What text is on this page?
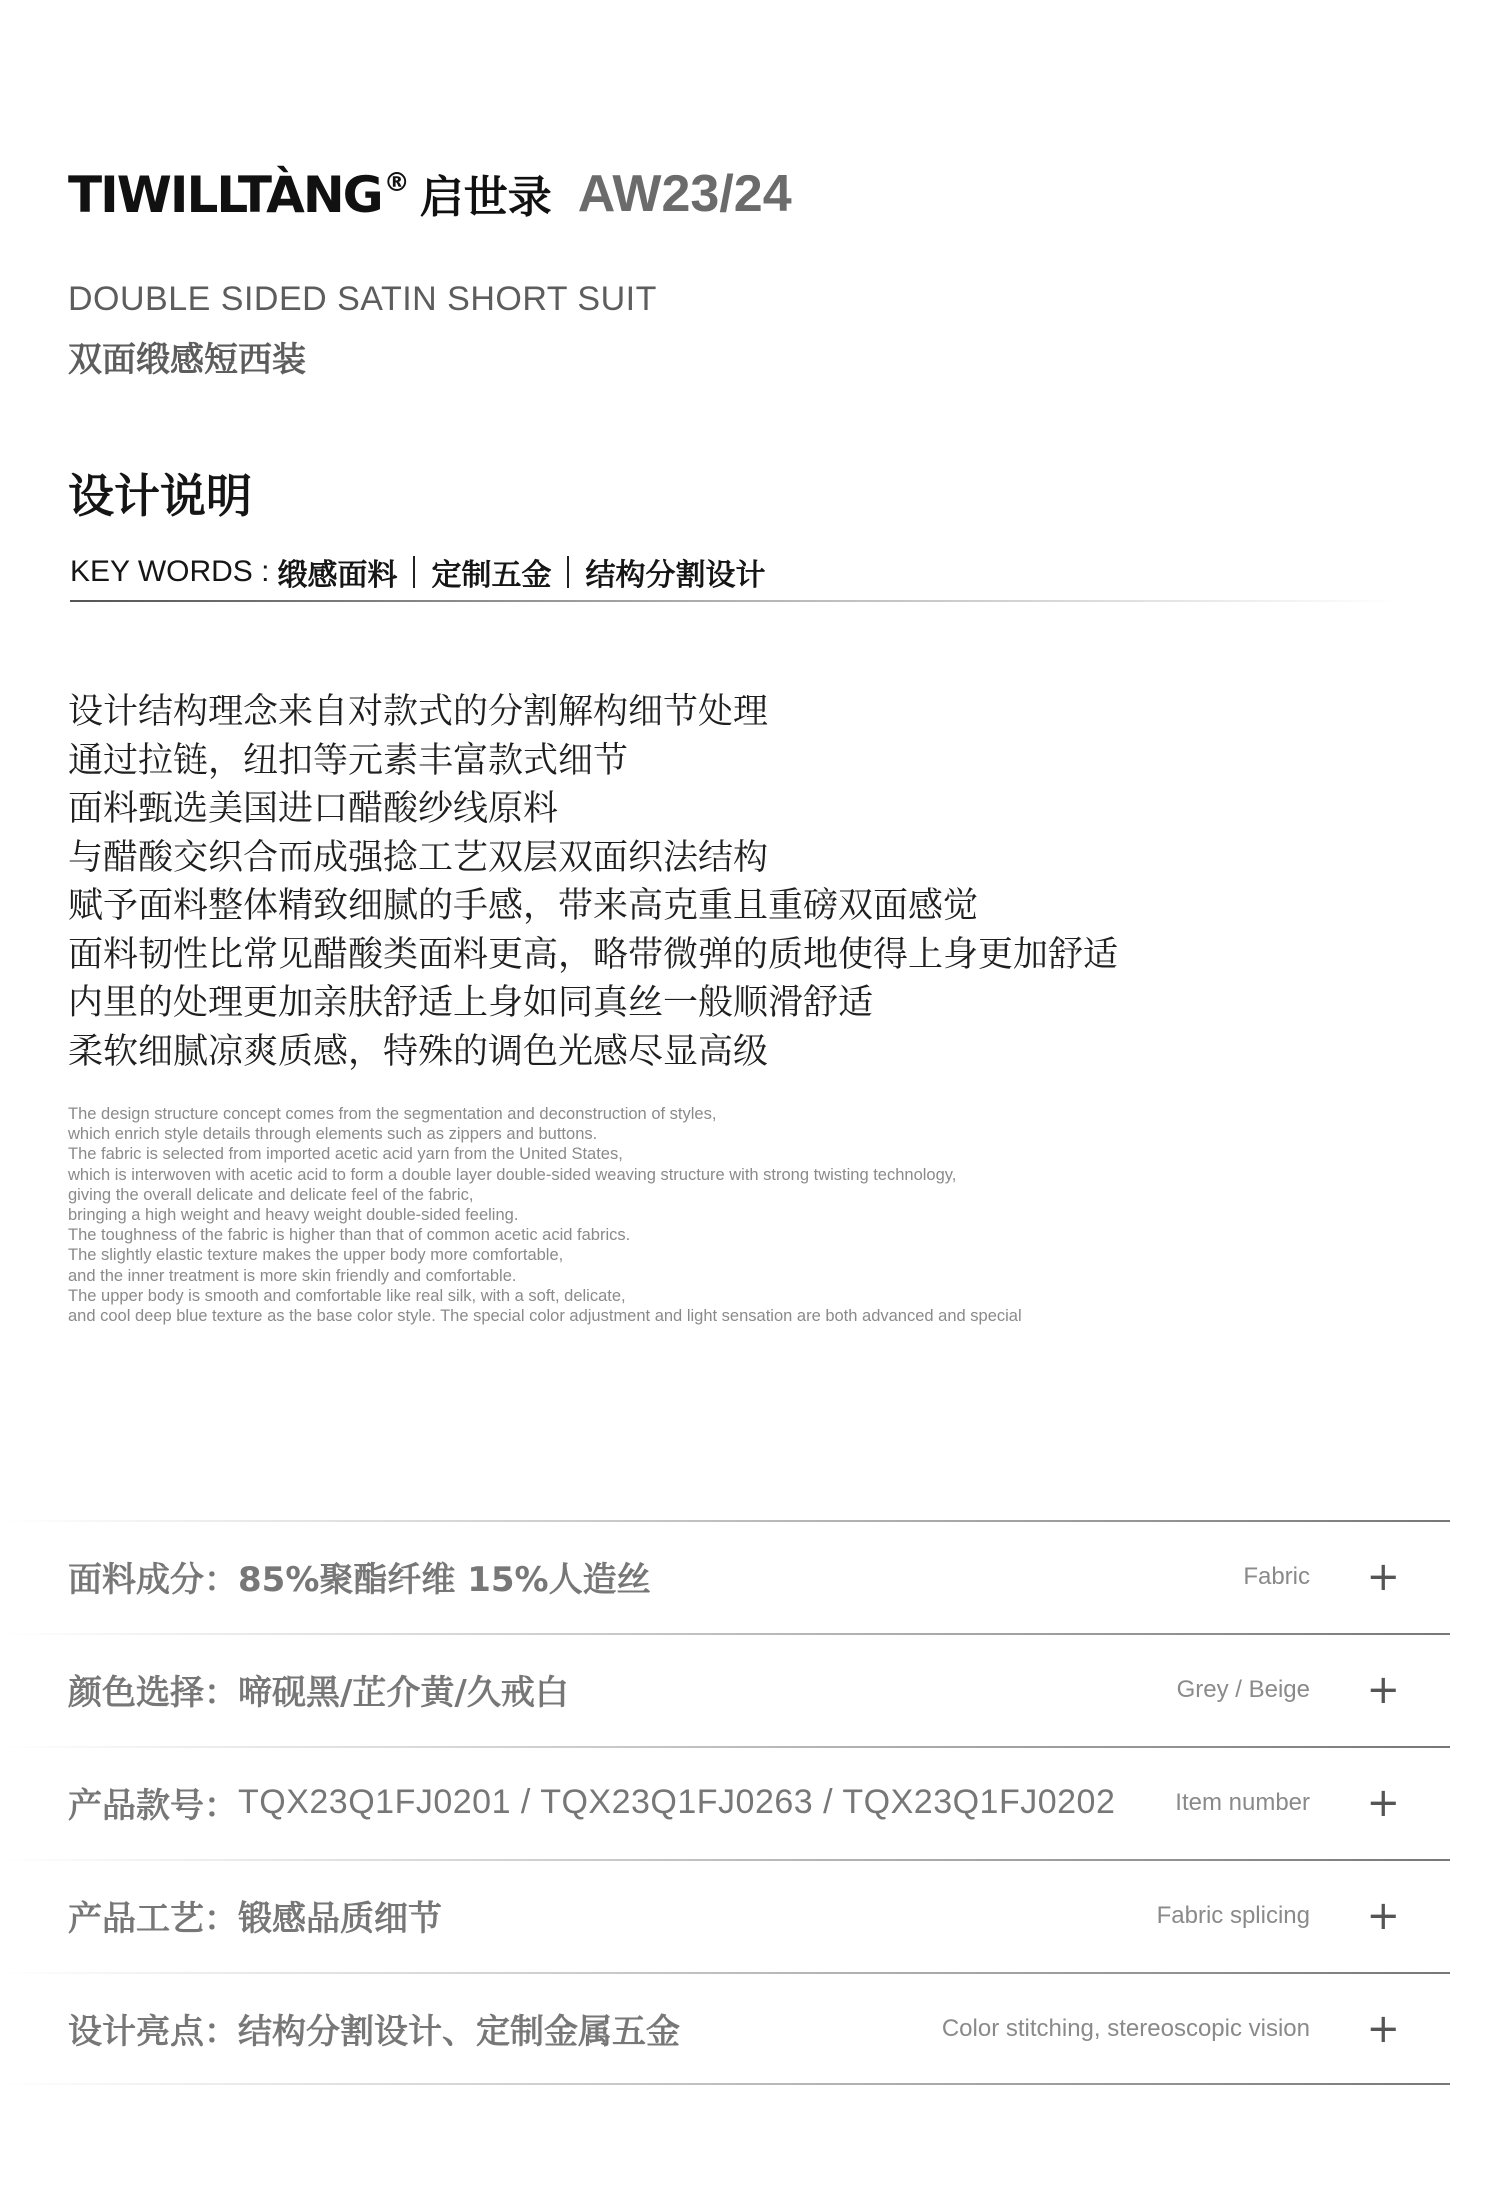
TIWILLTÀNG ® 启世录 AW23/24
DOUBLE SIDED SATIN SHORT SUIT
双面缎感短西装
设计说明
KEY WORDS : 缎感面料 定制五金 结构分割设计
设计结构理念来自对款式的分割解构细节处理
通过拉链，纽扣等元素丰富款式细节
面料甄选美国进口醋酸纱线原料
与醋酸交织合而成强捻工艺双层双面织法结构
赋予面料整体精致细腻的手感，带来高克重且重磅双面感觉
面料韧性比常见醋酸类面料更高，略带微弹的质地使得上身更加舒适
内里的处理更加亲肤舒适上身如同真丝一般顺滑舒适
柔软细腻凉爽质感，特殊的调色光感尽显高级
The design structure concept comes from the segmentation and deconstruction of styles,
which enrich style details through elements such as zippers and buttons.
The fabric is selected from imported acetic acid yarn from the United States,
which is interwoven with acetic acid to form a double layer double-sided weaving structure with strong twisting technology,
giving the overall delicate and delicate feel of the fabric,
bringing a high weight and heavy weight double-sided feeling.
The toughness of the fabric is higher than that of common acetic acid fabrics.
The slightly elastic texture makes the upper body more comfortable,
and the inner treatment is more skin friendly and comfortable.
The upper body is smooth and comfortable like real silk, with a soft, delicate,
and cool deep blue texture as the base color style. The special color adjustment and light sensation are both advanced and special
面料成分： 85%聚酯纤维 15%人造丝	Fabric +
颜色选择： 啼砚黑/芷介黄/久戒白	Grey / Beige +
产品款号： TQX23Q1FJ0201 / TQX23Q1FJ0263 / TQX23Q1FJ0202 Item number +
产品工艺： 锻感品质细节	Fabric splicing +
设计亮点： 结构分割设计、定制金属五金	Color stitching, stereoscopic vision +
